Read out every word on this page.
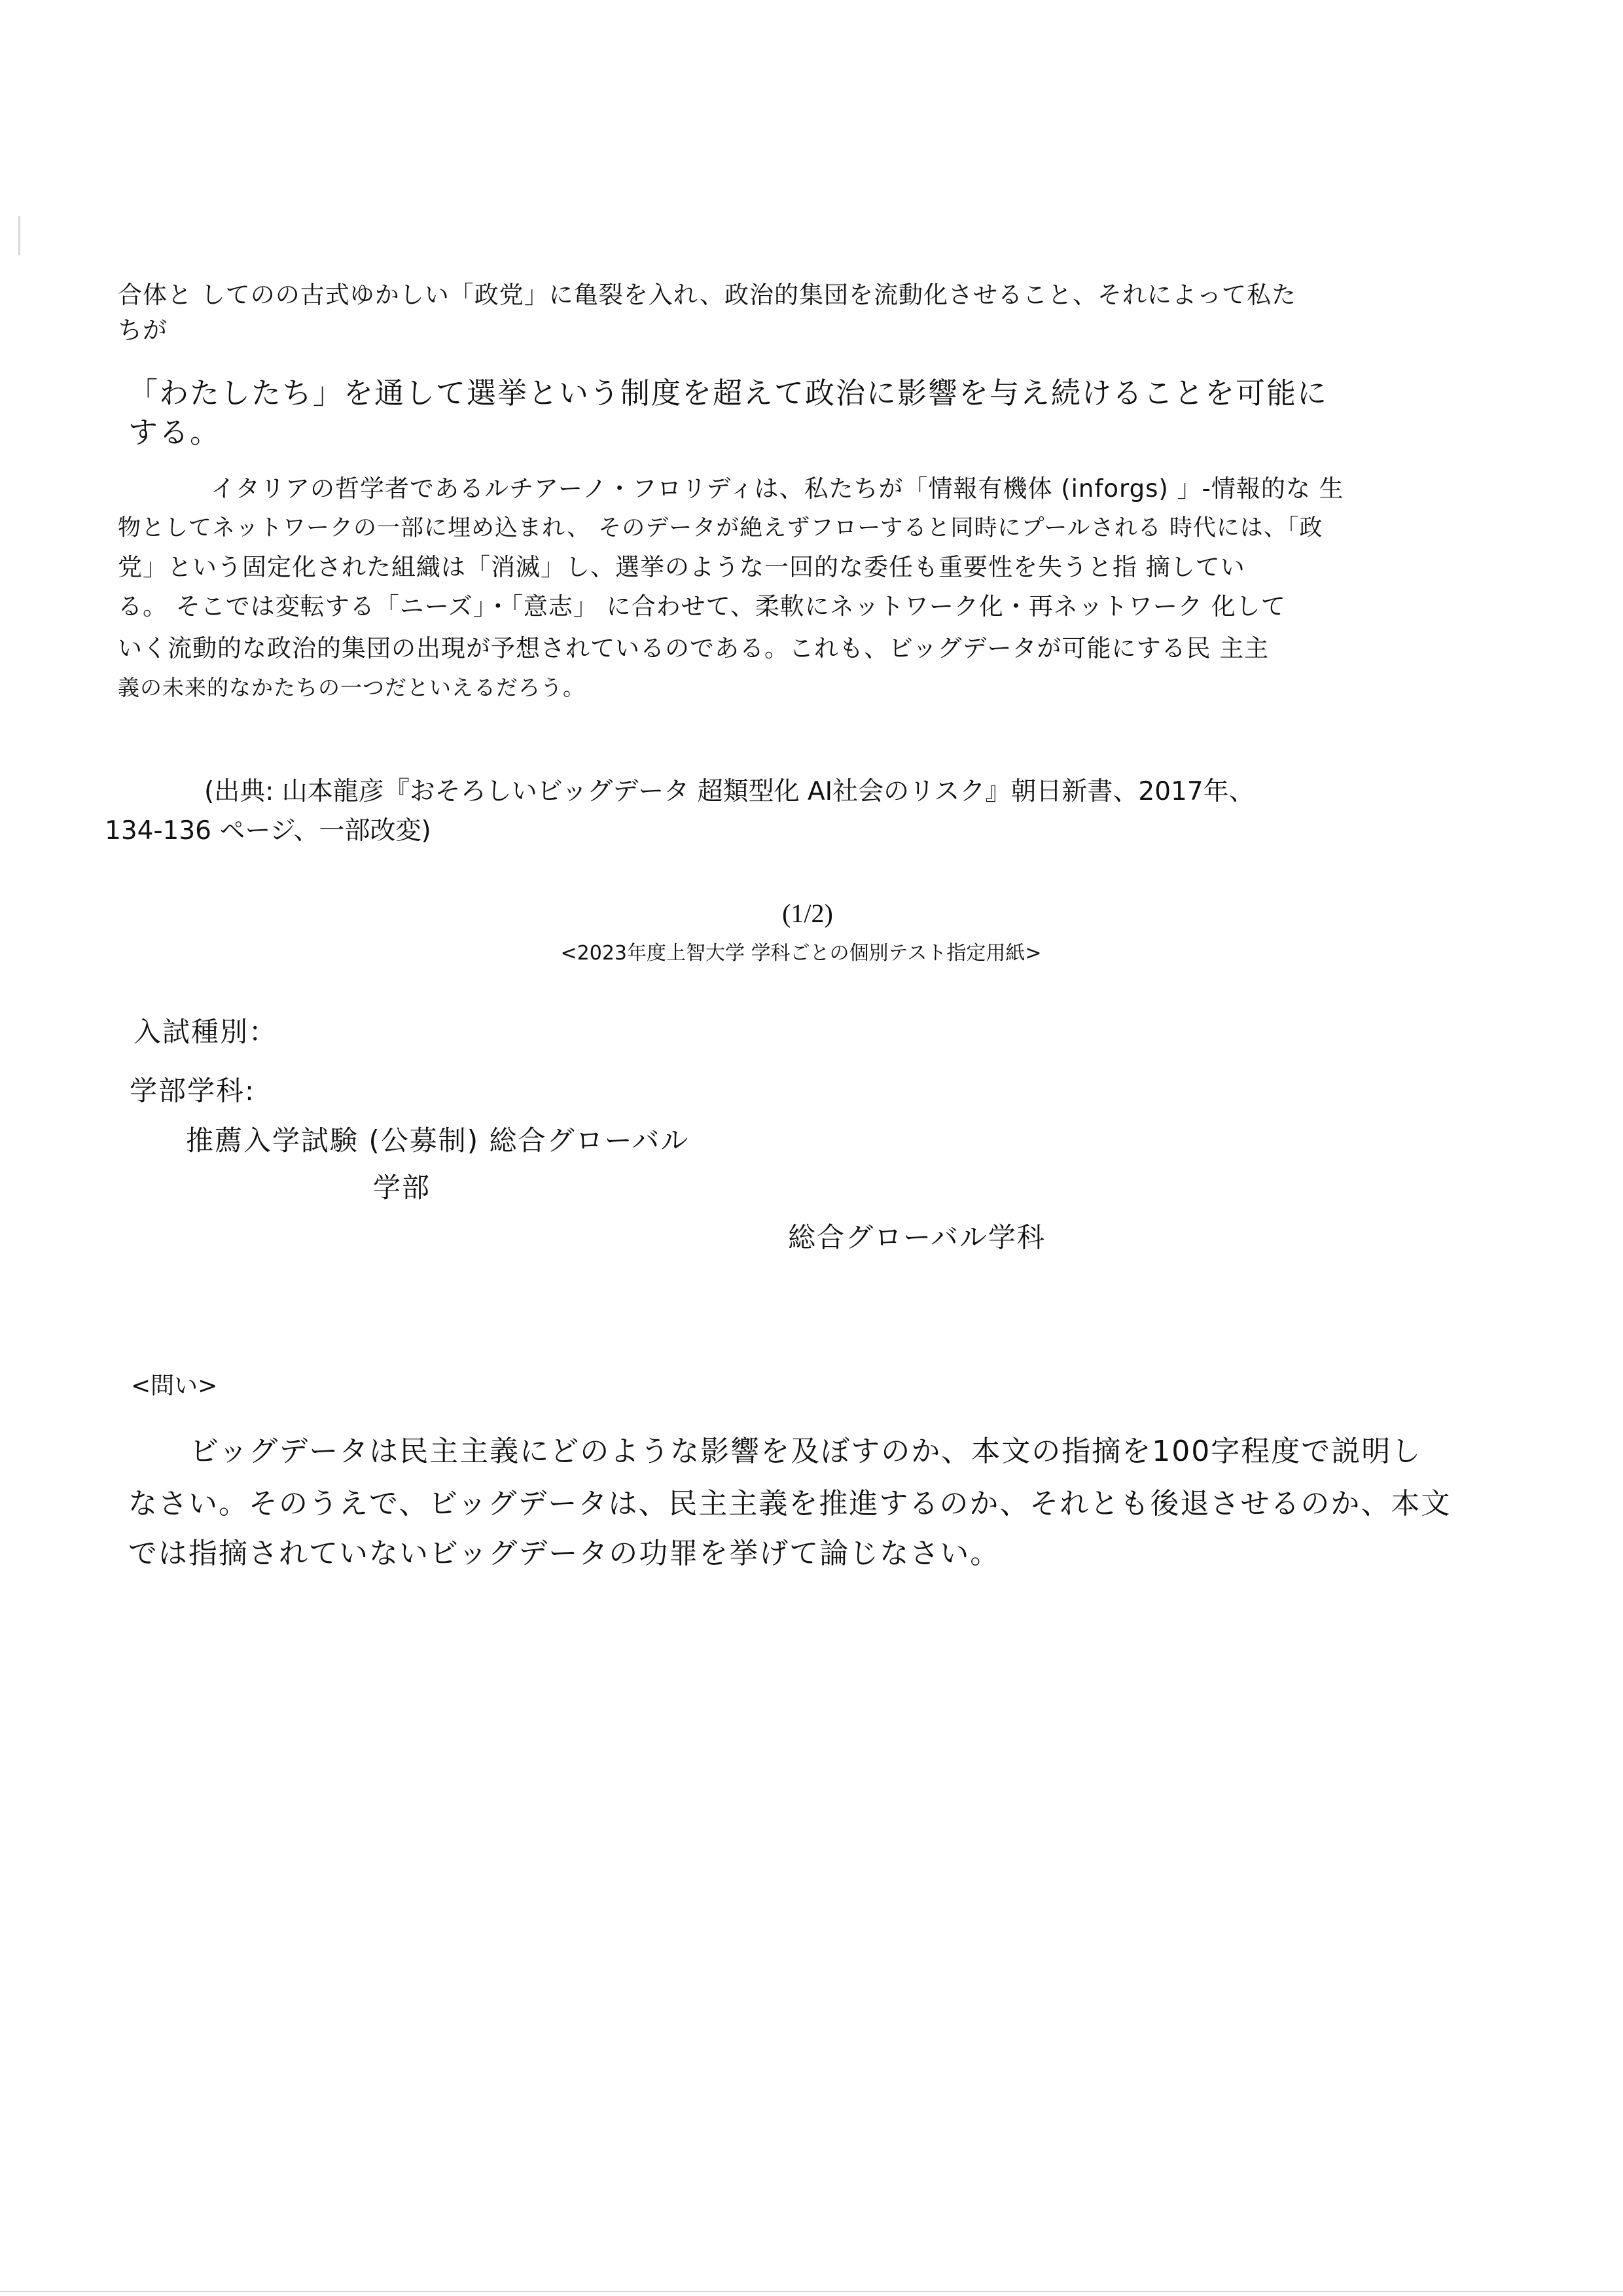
合体と してのの古式ゆかしい「政党」に亀裂を入れ、政治的集団を流動化させること、それによって私た
ちが
「わたしたち」を通して選挙という制度を超えて政治に影響を与え続けることを可能に
する。
イタリアの哲学者であるルチアーノ・フロリディは、私たちが「情報有機体 (inforgs) 」-情報的な 生
物としてネットワークの一部に埋め込まれ、 そのデータが絶えずフローすると同時にプールされる 時代には、「政
党」という固定化された組織は「消滅」し、選挙のような一回的な委任も重要性を失うと指 摘してい
る。 そこでは変転する「ニーズ」・「意志」 に合わせて、柔軟にネットワーク化・再ネットワーク 化して
いく流動的な政治的集団の出現が予想されているのである。これも、ビッグデータが可能にする民 主主
義の未来的なかたちの一つだといえるだろう。
(出典: 山本龍彦『おそろしいビッグデータ 超類型化 AI社会のリスク』朝日新書、2017年、
134-136 ページ、一部改変)
(1/2)
<2023年度上智大学 学科ごとの個別テスト指定用紙>
入試種別：
学部学科:
推薦入学試験 (公募制) 総合グローバル
学部
総合グローバル学科
<問い>
ビッグデータは民主主義にどのような影響を及ぼすのか、本文の指摘を100字程度で説明し
なさい。そのうえで、ビッグデータは、民主主義を推進するのか、それとも後退させるのか、本文
では指摘されていないビッグデータの功罪を挙げて論じなさい。
